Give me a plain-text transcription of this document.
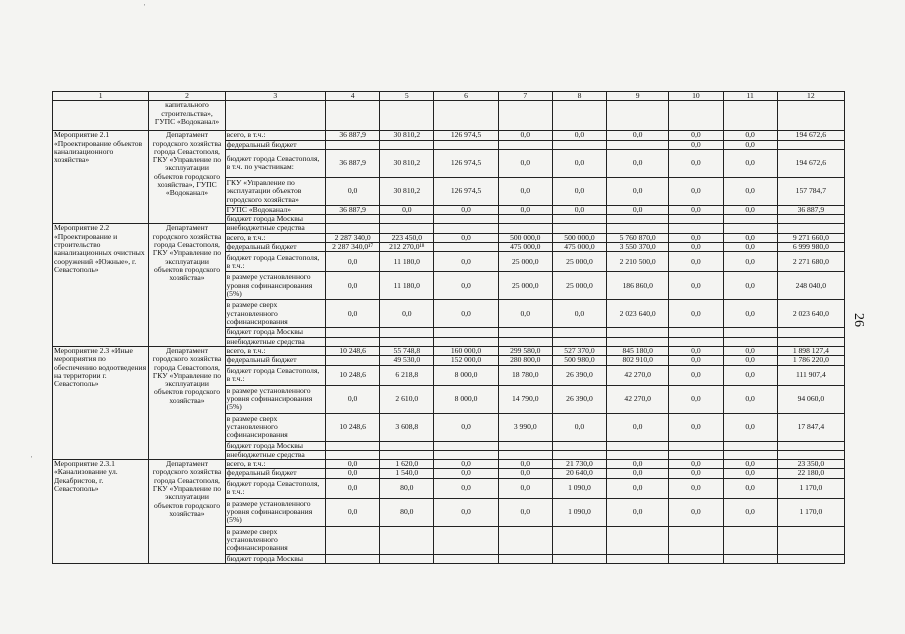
1	2	3	4	5	6	7	8	9	10	11	12
	капитального строительства», ГУПС «Водоканал»										
Мероприятие 2.1 «Проектирование объектов канализационного хозяйства»	Департамент городского хозяйства города Севастополя, ГКУ «Управление по эксплуатации объектов городского хозяйства», ГУПС «Водоканал»	всего, в т.ч.:	36 887,9	30 810,2	126 974,5	0,0	0,0	0,0	0,0	0,0	194 672,6
		федеральный бюджет							0,0	0,0	
		бюджет города Севастополя, в т.ч. по участникам:	36 887,9	30 810,2	126 974,5	0,0	0,0	0,0	0,0	0,0	194 672,6
		ГКУ «Управление по эксплуатации объектов городского хозяйства»	0,0	30 810,2	126 974,5	0,0	0,0	0,0	0,0	0,0	157 784,7
		ГУПС «Водоканал»	36 887,9	0,0	0,0	0,0	0,0	0,0	0,0	0,0	36 887,9
		бюджет города Москвы									
Мероприятие 2.2 «Проектирование и строительство канализационных очистных сооружений «Южные», г. Севастополь»	Департамент городского хозяйства города Севастополя, ГКУ «Управление по эксплуатации объектов городского хозяйства»	внебюджетные средства									
		всего, в т.ч.:	2 287 340,0	223 450,0	0,0	500 000,0	500 000,0	5 760 870,0	0,0	0,0	9 271 660,0
		федеральный бюджет	2 287 340,0¹⁷	212 270,0¹⁸		475 000,0	475 000,0	3 550 370,0	0,0	0,0	6 999 980,0
		бюджет города Севастополя, в т.ч.:	0,0	11 180,0	0,0	25 000,0	25 000,0	2 210 500,0	0,0	0,0	2 271 680,0
		в размере установленного уровня софинансирования (5%)	0,0	11 180,0	0,0	25 000,0	25 000,0	186 860,0	0,0	0,0	248 040,0
		в размере сверх установленного софинансирования	0,0	0,0	0,0	0,0	0,0	2 023 640,0	0,0	0,0	2 023 640,0
		бюджет города Москвы									
		внебюджетные средства									
Мероприятие 2.3 «Иные мероприятия по обеспечению водоотведения на территории г. Севастополь»	Департамент городского хозяйства города Севастополя, ГКУ «Управление по эксплуатации объектов городского хозяйства»	всего, в т.ч.:	10 248,6	55 748,8	160 000,0	299 580,0	527 370,0	845 180,0	0,0	0,0	1 898 127,4
		федеральный бюджет		49 530,0	152 000,0	280 800,0	500 980,0	802 910,0	0,0	0,0	1 786 220,0
		бюджет города Севастополя, в т.ч.:	10 248,6	6 218,8	8 000,0	18 780,0	26 390,0	42 270,0	0,0	0,0	111 907,4
		в размере установленного уровня софинансирования (5%)	0,0	2 610,0	8 000,0	14 790,0	26 390,0	42 270,0	0,0	0,0	94 060,0
		в размере сверх установленного софинансирования	10 248,6	3 608,8	0,0	3 990,0	0,0	0,0	0,0	0,0	17 847,4
		бюджет города Москвы									
		внебюджетные средства									
Мероприятие 2.3.1 «Канализование ул. Декабристов, г. Севастополь»	Департамент городского хозяйства города Севастополя, ГКУ «Управление по эксплуатации объектов городского хозяйства»	всего, в т.ч.:	0,0	1 620,0	0,0	0,0	21 730,0	0,0	0,0	0,0	23 350,0
		федеральный бюджет	0,0	1 540,0	0,0	0,0	20 640,0	0,0	0,0	0,0	22 180,0
		бюджет города Севастополя, в т.ч.:	0,0	80,0	0,0	0,0	1 090,0	0,0	0,0	0,0	1 170,0
		в размере установленного уровня софинансирования (5%)	0,0	80,0	0,0	0,0	1 090,0	0,0	0,0	0,0	1 170,0
		в размере сверх установленного софинансирования									
		бюджет города Москвы									
26
ˈ
ˈ
